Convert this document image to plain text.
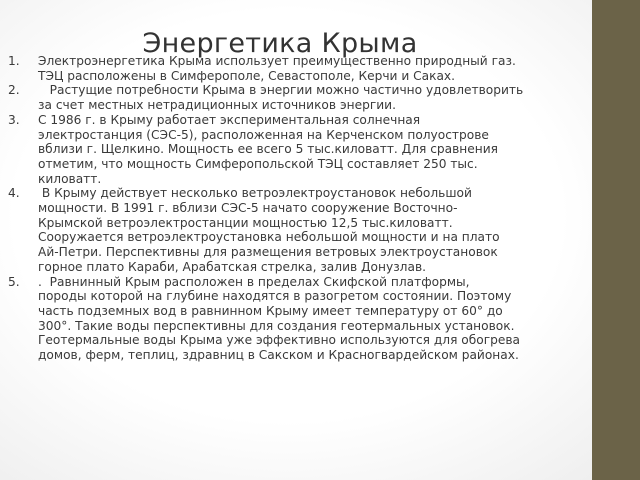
Энергетика Крыма
1. Электроэнергетика Крыма использует преимущественно природный газ.
ТЭЦ расположены в Симферополе, Севастополе, Керчи и Саках.
2. Растущие потребности Крыма в энергии можно частично удовлетворить
за счет местных нетрадиционных источников энергии.
3. С 1986 г. в Крыму работает экспериментальная солнечная
электростанция (СЭС-5), расположенная на Керченском полуострове
вблизи г. Щелкино. Мощность ее всего 5 тыс.киловатт. Для сравнения
отметим, что мощность Симферопольской ТЭЦ составляет 250 тыс.
киловатт.
4. В Крыму действует несколько ветроэлектроустановок небольшой
мощности. В 1991 г. вблизи СЭС-5 начато сооружение Восточно-
Крымской ветроэлектростанции мощностью 12,5 тыс.киловатт.
Сооружается ветроэлектроустановка небольшой мощности и на плато
Ай-Петри. Перспективны для размещения ветровых электроустановок
горное плато Караби, Арабатская стрелка, залив Донузлав.
5. .  Равнинный Крым расположен в пределах Скифской платформы,
породы которой на глубине находятся в разогретом состоянии. Поэтому
часть подземных вод в равнинном Крыму имеет температуру от 60° до
300°. Такие воды перспективны для создания геотермальных установок.
Геотермальные воды Крыма уже эффективно используются для обогрева
домов, ферм, теплиц, здравниц в Сакском и Красногвардейском районах.
